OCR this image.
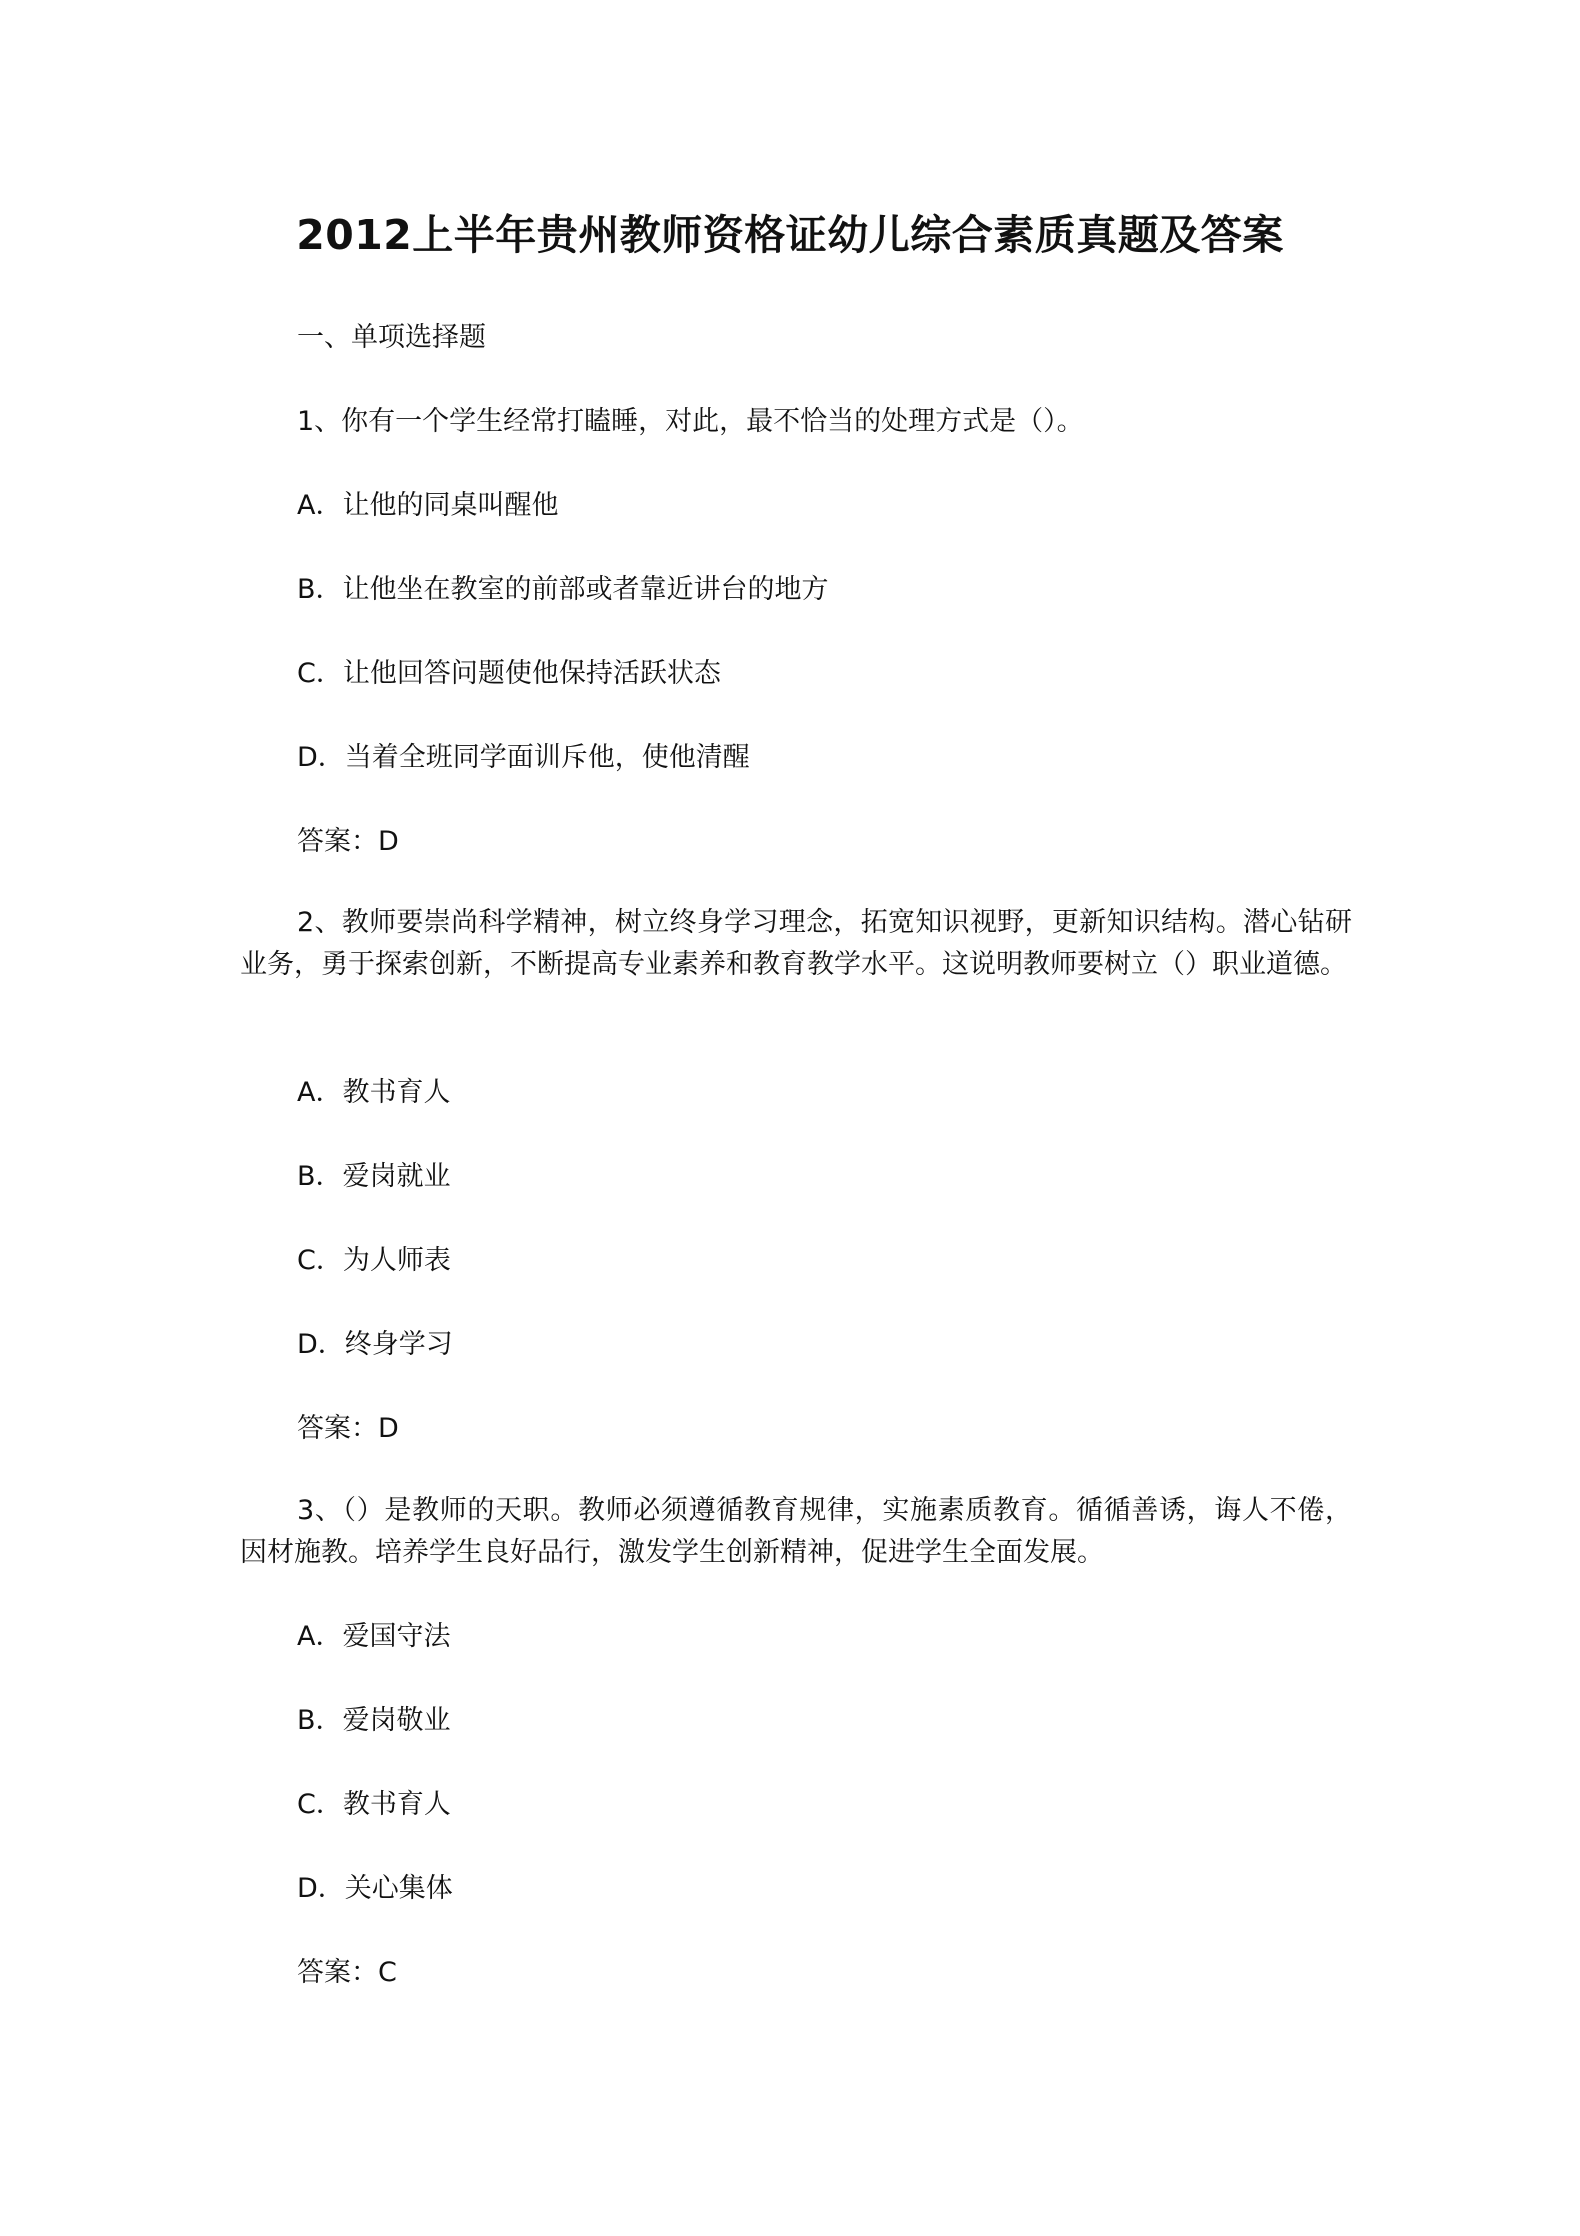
2012上半年贵州教师资格证幼儿综合素质真题及答案
一、单项选择题
1、你有一个学生经常打瞌睡，对此，最不恰当的处理方式是（）。
A．让他的同桌叫醒他
B．让他坐在教室的前部或者靠近讲台的地方
C．让他回答问题使他保持活跃状态
D．当着全班同学面训斥他，使他清醒
答案：D
2、教师要崇尚科学精神，树立终身学习理念，拓宽知识视野，更新知识结构。潜心钻研业务，勇于探索创新，不断提高专业素养和教育教学水平。这说明教师要树立（）职业道德。
A．教书育人
B．爱岗就业
C．为人师表
D．终身学习
答案：D
3、（）是教师的天职。教师必须遵循教育规律，实施素质教育。循循善诱，诲人不倦，因材施教。培养学生良好品行，激发学生创新精神，促进学生全面发展。
A．爱国守法
B．爱岗敬业
C．教书育人
D．关心集体
答案：C
